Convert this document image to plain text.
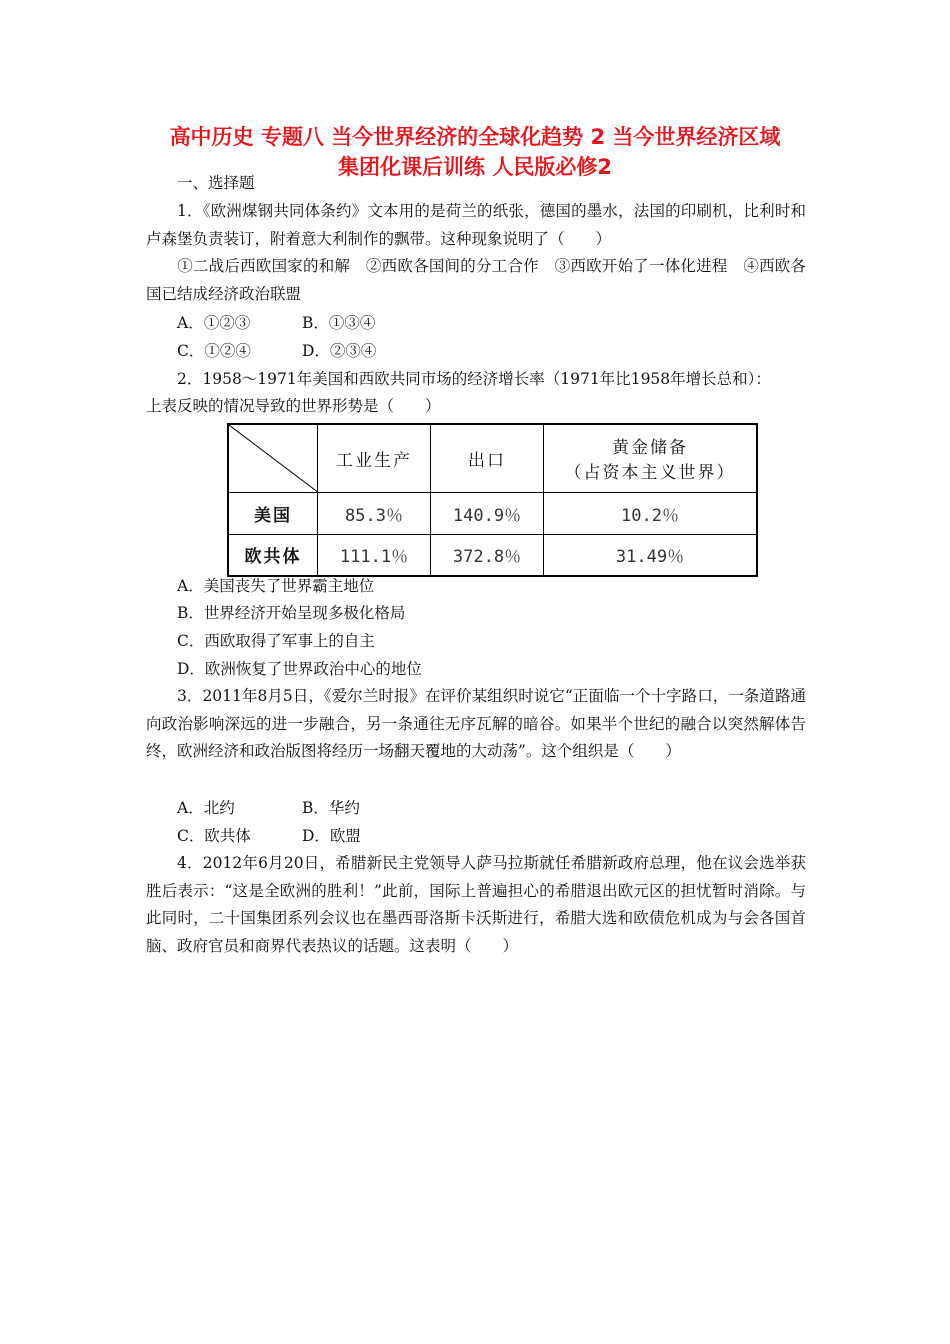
高中历史 专题八 当今世界经济的全球化趋势 2 当今世界经济区域
集团化课后训练 人民版必修2
一、选择题
1．《欧洲煤钢共同体条约》文本用的是荷兰的纸张，德国的墨水，法国的印刷机，比利时和卢森堡负责装订，附着意大利制作的飘带。这种现象说明了（　　）
①二战后西欧国家的和解　②西欧各国间的分工合作　③西欧开始了一体化进程　④西欧各国已结成经济政治联盟
A．①②③	B．①③④
C．①②④	D．②③④
2．1958～1971年美国和西欧共同市场的经济增长率（1971年比1958年增长总和）：
上表反映的情况导致的世界形势是（　　）
	工业生产	出口	黄金储备
（占资本主义世界）

美国	85.3％	140.9％	10.2％
欧共体	111.1％	372.8％	31.49％
A．美国丧失了世界霸主地位
B．世界经济开始呈现多极化格局
C．西欧取得了军事上的自主
D．欧洲恢复了世界政治中心的地位
3．2011年8月5日，《爱尔兰时报》在评价某组织时说它“正面临一个十字路口，一条道路通向政治影响深远的进一步融合，另一条通往无序瓦解的暗谷。如果半个世纪的融合以突然解体告终，欧洲经济和政治版图将经历一场翻天覆地的大动荡”。这个组织是（　　）
A．北约	B．华约
C．欧共体	D．欧盟
4．2012年6月20日，希腊新民主党领导人萨马拉斯就任希腊新政府总理，他在议会选举获胜后表示：“这是全欧洲的胜利！”此前，国际上普遍担心的希腊退出欧元区的担忧暂时消除。与此同时，二十国集团系列会议也在墨西哥洛斯卡沃斯进行，希腊大选和欧债危机成为与会各国首脑、政府官员和商界代表热议的话题。这表明（　　）
